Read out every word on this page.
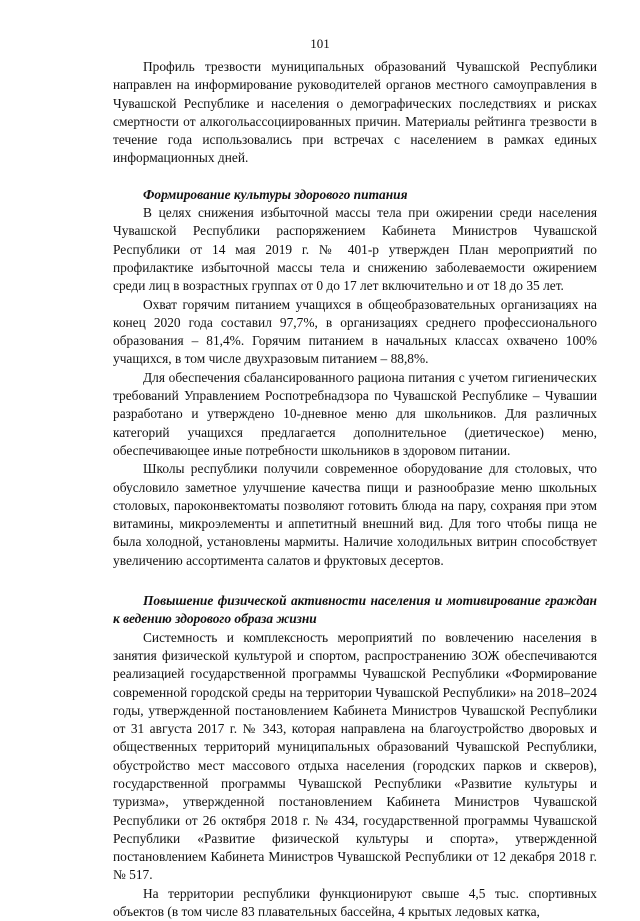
101

Профиль трезвости муниципальных образований Чувашской Республики направлен на информирование руководителей органов местного самоуправления в Чувашской Республике и населения о демографических последствиях и рисках смертности от алкогольассоциированных причин. Материалы рейтинга трезвости в течение года использовались при встречах с населением в рамках единых информационных дней.

Формирование культуры здорового питания

В целях снижения избыточной массы тела при ожирении среди населения Чувашской Республики распоряжением Кабинета Министров Чувашской Республики от 14 мая 2019 г. № 401-р утвержден План мероприятий по профилактике избыточной массы тела и снижению заболеваемости ожирением среди лиц в возрастных группах от 0 до 17 лет включительно и от 18 до 35 лет.

Охват горячим питанием учащихся в общеобразовательных организациях на конец 2020 года составил 97,7%, в организациях среднего профессионального образования – 81,4%. Горячим питанием в начальных классах охвачено 100% учащихся, в том числе двухразовым питанием – 88,8%.

Для обеспечения сбалансированного рациона питания с учетом гигиенических требований Управлением Роспотребнадзора по Чувашской Республике – Чувашии разработано и утверждено 10-дневное меню для школьников. Для различных категорий учащихся предлагается дополнительное (диетическое) меню, обеспечивающее иные потребности школьников в здоровом питании.

Школы республики получили современное оборудование для столовых, что обусловило заметное улучшение качества пищи и разнообразие меню школьных столовых, пароконвектоматы позволяют готовить блюда на пару, сохраняя при этом витамины, микроэлементы и аппетитный внешний вид. Для того чтобы пища не была холодной, установлены мармиты. Наличие холодильных витрин способствует увеличению ассортимента салатов и фруктовых десертов.

Повышение физической активности населения и мотивирование граждан к ведению здорового образа жизни

Системность и комплексность мероприятий по вовлечению населения в занятия физической культурой и спортом, распространению ЗОЖ обеспечиваются реализацией государственной программы Чувашской Республики «Формирование современной городской среды на территории Чувашской Республики» на 2018–2024 годы, утвержденной постановлением Кабинета Министров Чувашской Республики от 31 августа 2017 г. № 343, которая направлена на благоустройство дворовых и общественных территорий муниципальных образований Чувашской Республики, обустройство мест массового отдыха населения (городских парков и скверов), государственной программы Чувашской Республики «Развитие культуры и туризма», утвержденной постановлением Кабинета Министров Чувашской Республики от 26 октября 2018 г. № 434, государственной программы Чувашской Республики «Развитие физической культуры и спорта», утвержденной постановлением Кабинета Министров Чувашской Республики от 12 декабря 2018 г. № 517.

На территории республики функционируют свыше 4,5 тыс. спортивных объектов (в том числе 83 плавательных бассейна, 4 крытых ледовых катка,
